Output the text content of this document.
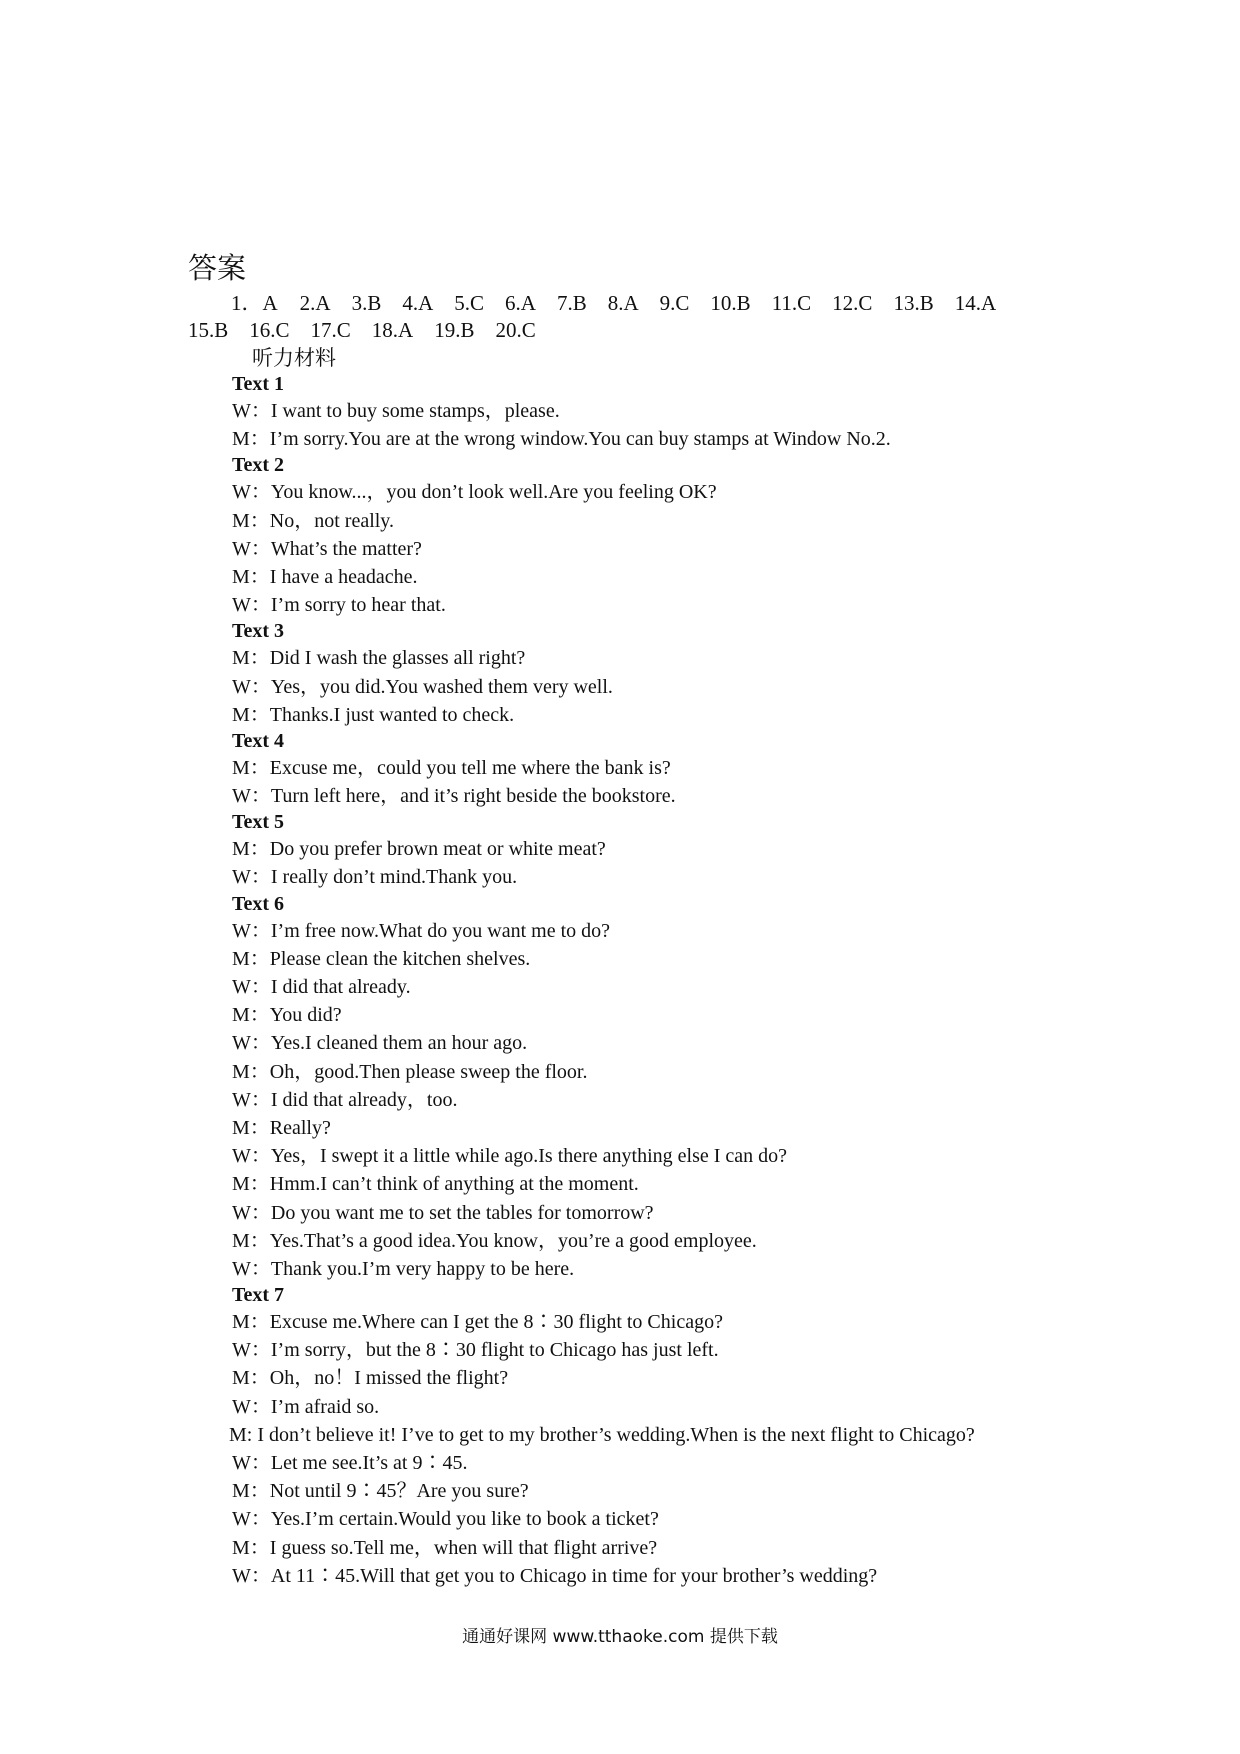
答案
1．A 2.A 3.B 4.A 5.C 6.A 7.B 8.A 9.C 10.B 11.C 12.C 13.B 14.A
15.B 16.C 17.C 18.A 19.B 20.C
听力材料
Text 1
W：I want to buy some stamps，please.
M：I’m sorry.You are at the wrong window.You can buy stamps at Window No.2.
Text 2
W：You know...，you don’t look well.Are you feeling OK?
M：No，not really.
W：What’s the matter?
M：I have a headache.
W：I’m sorry to hear that.
Text 3
M：Did I wash the glasses all right?
W：Yes，you did.You washed them very well.
M：Thanks.I just wanted to check.
Text 4
M：Excuse me，could you tell me where the bank is?
W：Turn left here，and it’s right beside the bookstore.
Text 5
M：Do you prefer brown meat or white meat?
W：I really don’t mind.Thank you.
Text 6
W：I’m free now.What do you want me to do?
M：Please clean the kitchen shelves.
W：I did that already.
M：You did?
W：Yes.I cleaned them an hour ago.
M：Oh，good.Then please sweep the floor.
W：I did that already，too.
M：Really?
W：Yes，I swept it a little while ago.Is there anything else I can do?
M：Hmm.I can’t think of anything at the moment.
W：Do you want me to set the tables for tomorrow?
M：Yes.That’s a good idea.You know，you’re a good employee.
W：Thank you.I’m very happy to be here.
Text 7
M：Excuse me.Where can I get the 8∶30 flight to Chicago?
W：I’m sorry，but the 8∶30 flight to Chicago has just left.
M：Oh，no！I missed the flight?
W：I’m afraid so.
M: I don’t believe it! I’ve to get to my brother’s wedding.When is the next flight to Chicago?
W：Let me see.It’s at 9∶45.
M：Not until 9∶45？Are you sure?
W：Yes.I’m certain.Would you like to book a ticket?
M：I guess so.Tell me，when will that flight arrive?
W：At 11∶45.Will that get you to Chicago in time for your brother’s wedding?
通通好课网 www.tthaoke.com 提供下载
